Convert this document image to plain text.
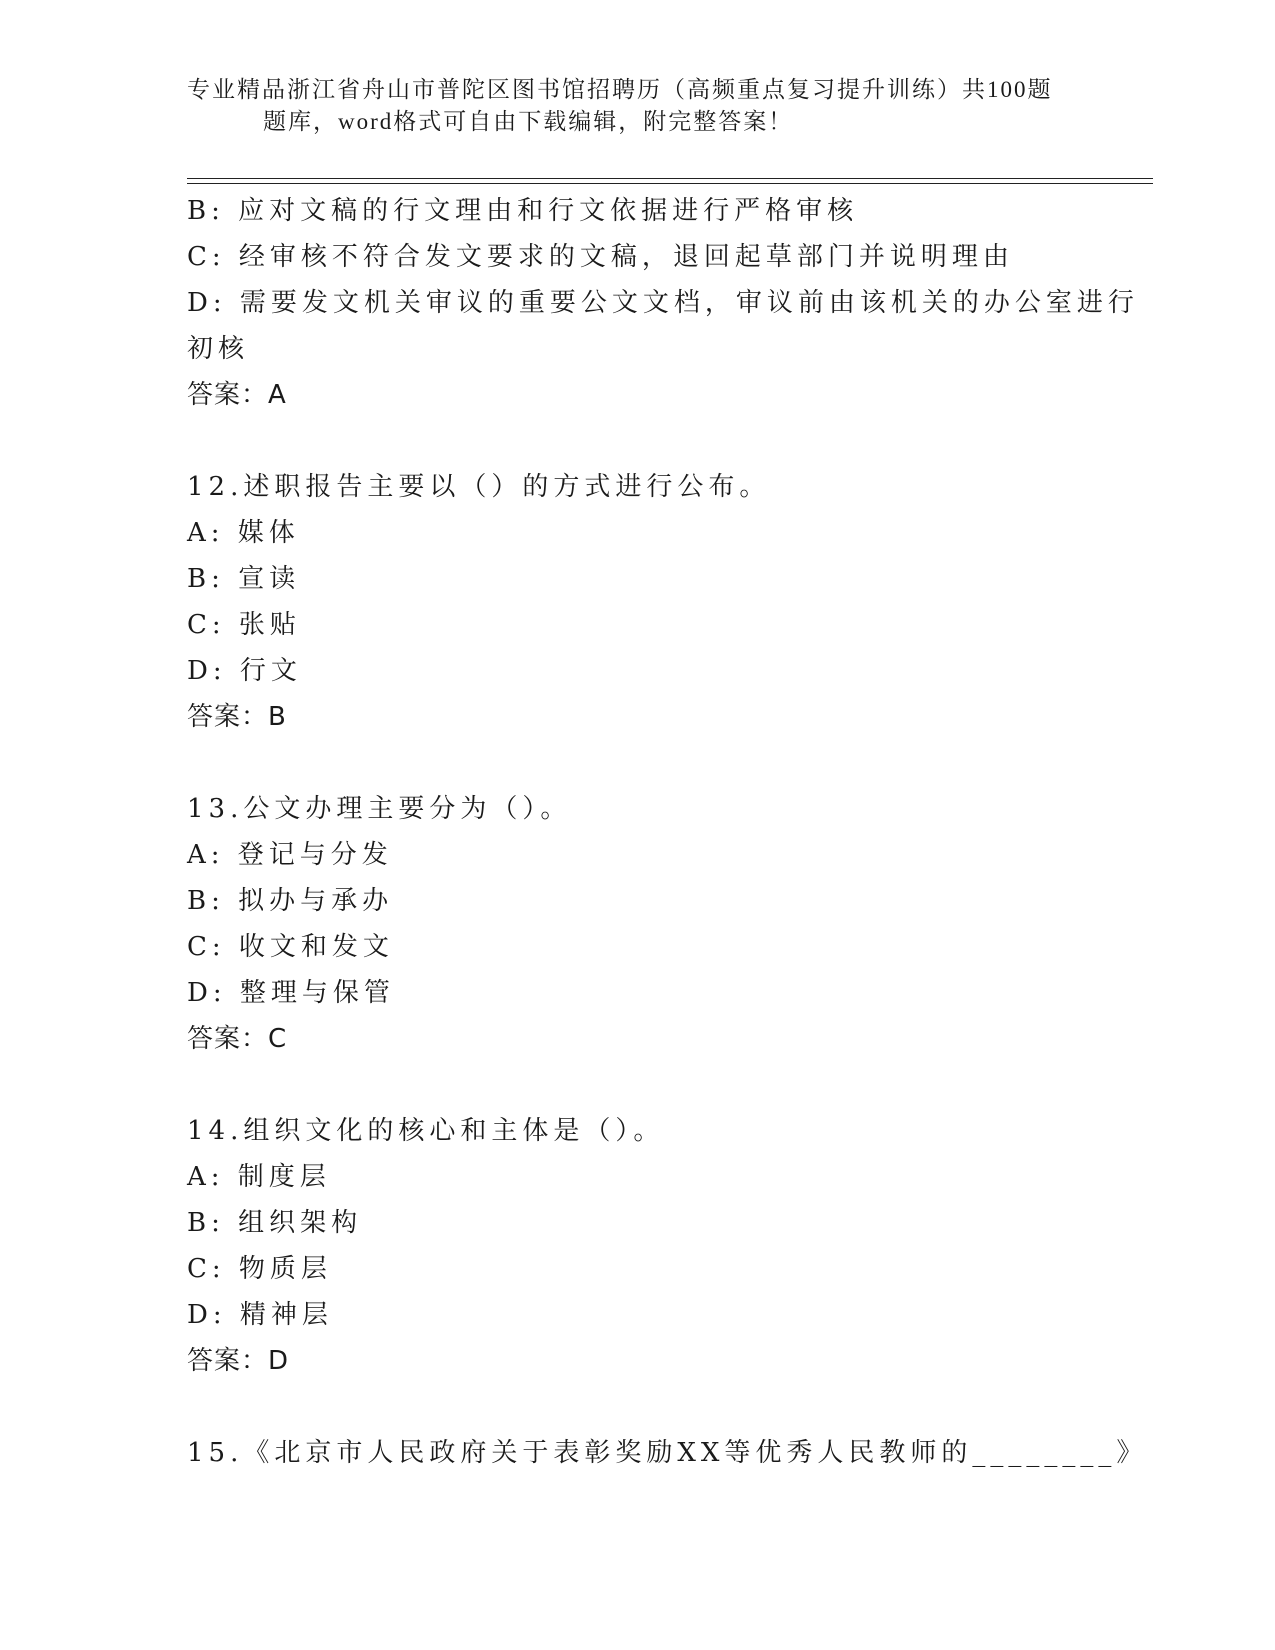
专业精品浙江省舟山市普陀区图书馆招聘历（高频重点复习提升训练）共100题
题库，word格式可自由下载编辑，附完整答案！
B: 应对文稿的行文理由和行文依据进行严格审核
C: 经审核不符合发文要求的文稿，退回起草部门并说明理由
D: 需要发文机关审议的重要公文文档，审议前由该机关的办公室进行
初核
答案：A
12.述职报告主要以（）的方式进行公布。
A: 媒体
B: 宣读
C: 张贴
D: 行文
答案：B
13.公文办理主要分为（）。
A: 登记与分发
B: 拟办与承办
C: 收文和发文
D: 整理与保管
答案：C
14.组织文化的核心和主体是（）。
A: 制度层
B: 组织架构
C: 物质层
D: 精神层
答案：D
15.《北京市人民政府关于表彰奖励XX等优秀人民教师的________》
